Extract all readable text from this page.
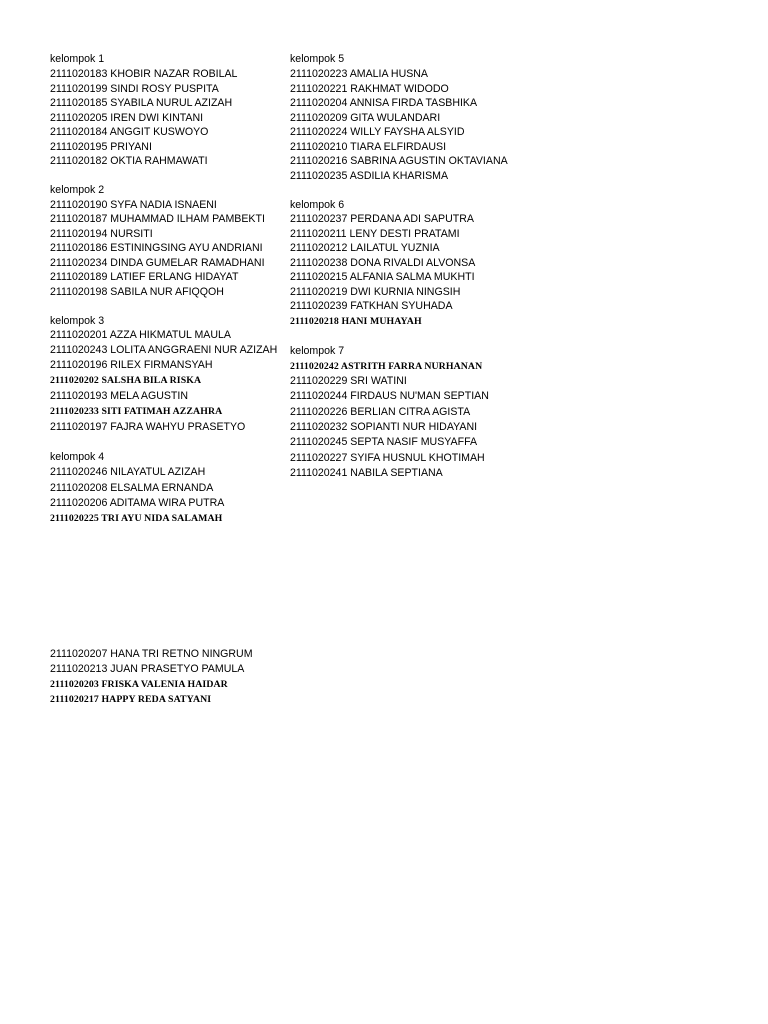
kelompok 1
2111020183 KHOBIR NAZAR ROBILAL
2111020199 SINDI ROSY PUSPITA
2111020185 SYABILA NURUL AZIZAH
2111020205 IREN DWI KINTANI
2111020184 ANGGIT KUSWOYO
2111020195 PRIYANI
2111020182 OKTIA RAHMAWATI
kelompok 2
2111020190 SYFA NADIA ISNAENI
2111020187 MUHAMMAD ILHAM PAMBEKTI
2111020194 NURSITI
2111020186 ESTININGSING AYU ANDRIANI
2111020234 DINDA GUMELAR RAMADHANI
2111020189 LATIEF ERLANG HIDAYAT
2111020198 SABILA NUR AFIQQOH
kelompok 3
2111020201 AZZA HIKMATUL MAULA
2111020243 LOLITA ANGGRAENI NUR AZIZAH
2111020196 RILEX FIRMANSYAH
2111020202 SALSHA BILA RISKA
2111020193 MELA AGUSTIN
2111020233 SITI FATIMAH AZZAHRA
2111020197 FAJRA WAHYU PRASETYO
kelompok 4
2111020246 NILAYATUL AZIZAH
2111020208 ELSALMA ERNANDA
2111020206 ADITAMA WIRA PUTRA
2111020225 TRI AYU NIDA SALAMAH
2111020207 HANA TRI RETNO NINGRUM
2111020213 JUAN PRASETYO PAMULA
2111020203 FRISKA VALENIA HAIDAR
2111020217 HAPPY REDA SATYANI
kelompok 5
2111020223 AMALIA HUSNA
2111020221 RAKHMAT WIDODO
2111020204 ANNISA FIRDA TASBHIKA
2111020209 GITA WULANDARI
2111020224 WILLY FAYSHA ALSYID
2111020210 TIARA ELFIRDAUSI
2111020216 SABRINA AGUSTIN OKTAVIANA
2111020235 ASDILIA KHARISMA
kelompok 6
2111020237 PERDANA ADI SAPUTRA
2111020211 LENY DESTI PRATAMI
2111020212 LAILATUL YUZNIA
2111020238 DONA RIVALDI ALVONSA
2111020215 ALFANIA SALMA MUKHTI
2111020219 DWI KURNIA NINGSIH
2111020239 FATKHAN SYUHADA
2111020218 HANI MUHAYAH
kelompok 7
2111020242 ASTRITH FARRA NURHANAN
2111020229 SRI WATINI
2111020244 FIRDAUS NU'MAN SEPTIAN
2111020226 BERLIAN CITRA AGISTA
2111020232 SOPIANTI NUR HIDAYANI
2111020245 SEPTA NASIF MUSYAFFA
2111020227 SYIFA HUSNUL KHOTIMAH
2111020241 NABILA SEPTIANA
